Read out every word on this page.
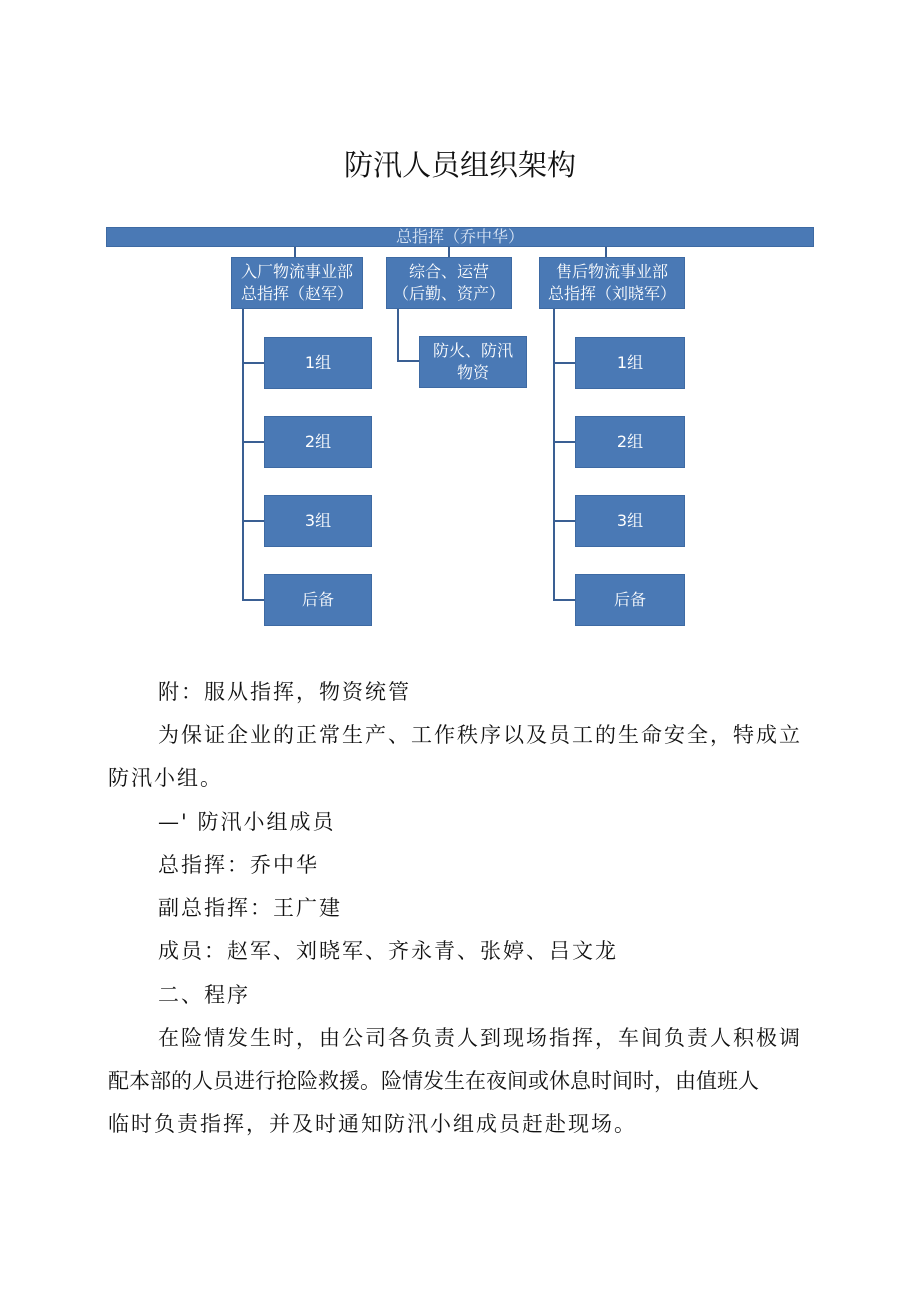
防汛人员组织架构
总指挥（乔中华）
入厂物流事业部
总指挥（赵军）
综合、运营
（后勤、资产）
售后物流事业部
总指挥（刘晓军）
1组
2组
3组
后备
防火、防汛
物资
1组
2组
3组
后备
附：服从指挥，物资统管
为保证企业的正常生产、工作秩序以及员工的生命安全，特成立
防汛小组。
—' 防汛小组成员
总指挥：乔中华
副总指挥：王广建
成员：赵军、刘晓军、齐永青、张婷、吕文龙
二、程序
在险情发生时，由公司各负责人到现场指挥，车间负责人积极调
配本部的人员进行抢险救援。险情发生在夜间或休息时间时，由值班人
临时负责指挥，并及时通知防汛小组成员赶赴现场。
